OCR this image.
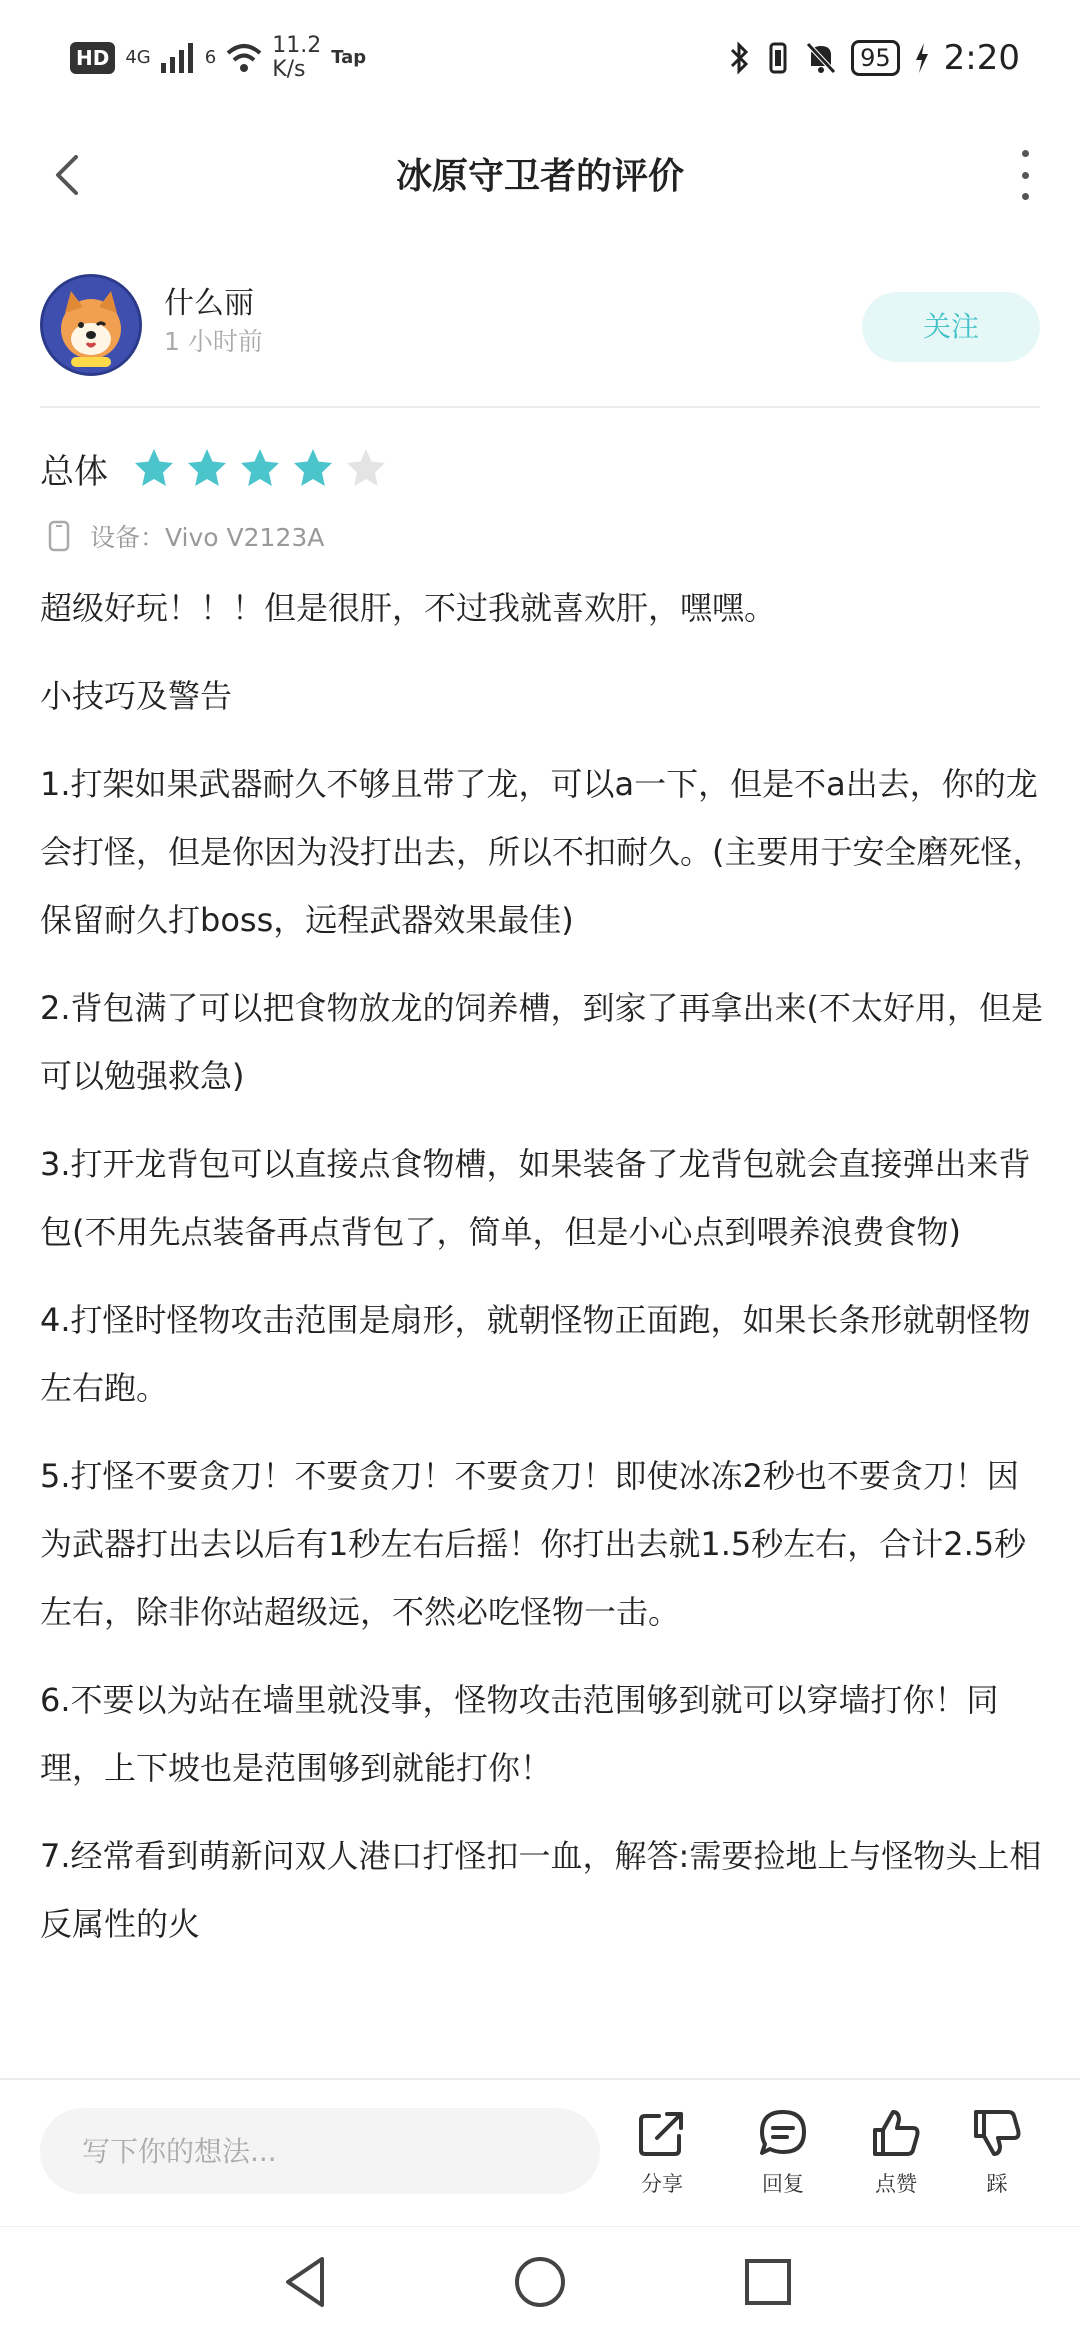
HD 4G	6	11.2
K/s	Tap	95 2:20
冰原守卫者的评价
什么丽
1 小时前	关注
总体
设备：Vivo V2123A

超级好玩！！！但是很肝，不过我就喜欢肝，嘿嘿。

小技巧及警告

1.打架如果武器耐久不够且带了龙，可以a一下，但是不a出去，你的龙会打怪，但是你因为没打出去，所以不扣耐久。(主要用于安全磨死怪，保留耐久打boss，远程武器效果最佳)

2.背包满了可以把食物放龙的饲养槽，到家了再拿出来(不太好用，但是可以勉强救急)

3.打开龙背包可以直接点食物槽，如果装备了龙背包就会直接弹出来背包(不用先点装备再点背包了，简单，但是小心点到喂养浪费食物)

4.打怪时怪物攻击范围是扇形，就朝怪物正面跑，如果长条形就朝怪物左右跑。

5.打怪不要贪刀！不要贪刀！不要贪刀！即使冰冻2秒也不要贪刀！因为武器打出去以后有1秒左右后摇！你打出去就1.5秒左右，合计2.5秒左右，除非你站超级远，不然必吃怪物一击。

6.不要以为站在墙里就没事，怪物攻击范围够到就可以穿墙打你！同理，上下坡也是范围够到就能打你！

7.经常看到萌新问双人港口打怪扣一血，解答:需要捡地上与怪物头上相反属性的火

写下你的想法...
分享	回复	点赞	踩
